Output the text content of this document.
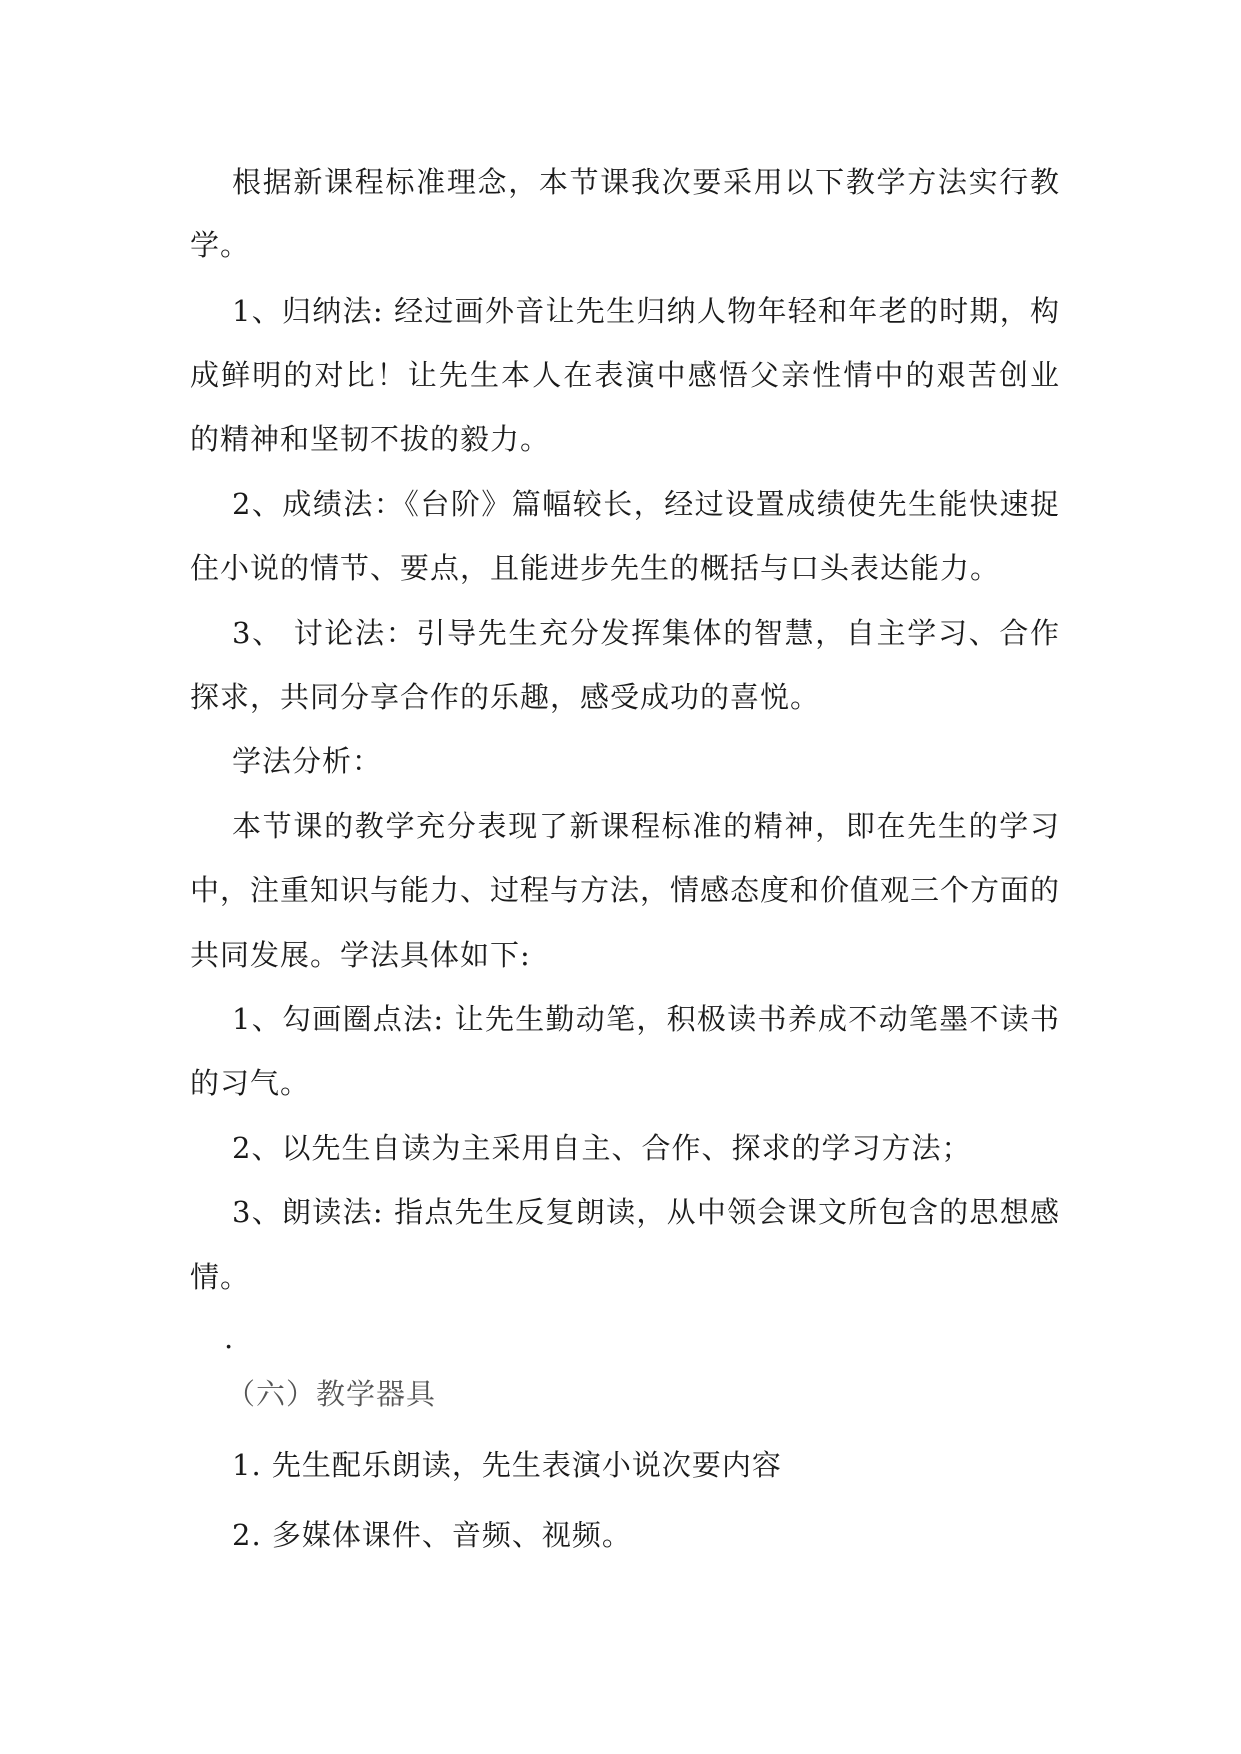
根据新课程标准理念，本节课我次要采用以下教学方法实行教
学。
1、归纳法: 经过画外音让先生归纳人物年轻和年老的时期，构
成鲜明的对比！让先生本人在表演中感悟父亲性情中的艰苦创业
的精神和坚韧不拔的毅力。
2、成绩法：《台阶》篇幅较长，经过设置成绩使先生能快速捉
住小说的情节、要点，且能进步先生的概括与口头表达能力。
3、 讨论法：引导先生充分发挥集体的智慧，自主学习、合作
探求，共同分享合作的乐趣，感受成功的喜悦。
学法分析：
本节课的教学充分表现了新课程标准的精神，即在先生的学习
中，注重知识与能力、过程与方法，情感态度和价值观三个方面的
共同发展。学法具体如下:
1、勾画圈点法: 让先生勤动笔，积极读书养成不动笔墨不读书
的习气。
2、以先生自读为主采用自主、合作、探求的学习方法；
3、朗读法: 指点先生反复朗读，从中领会课文所包含的思想感
情。
.
（六）教学器具
1. 先生配乐朗读，先生表演小说次要内容
2. 多媒体课件、音频、视频。
